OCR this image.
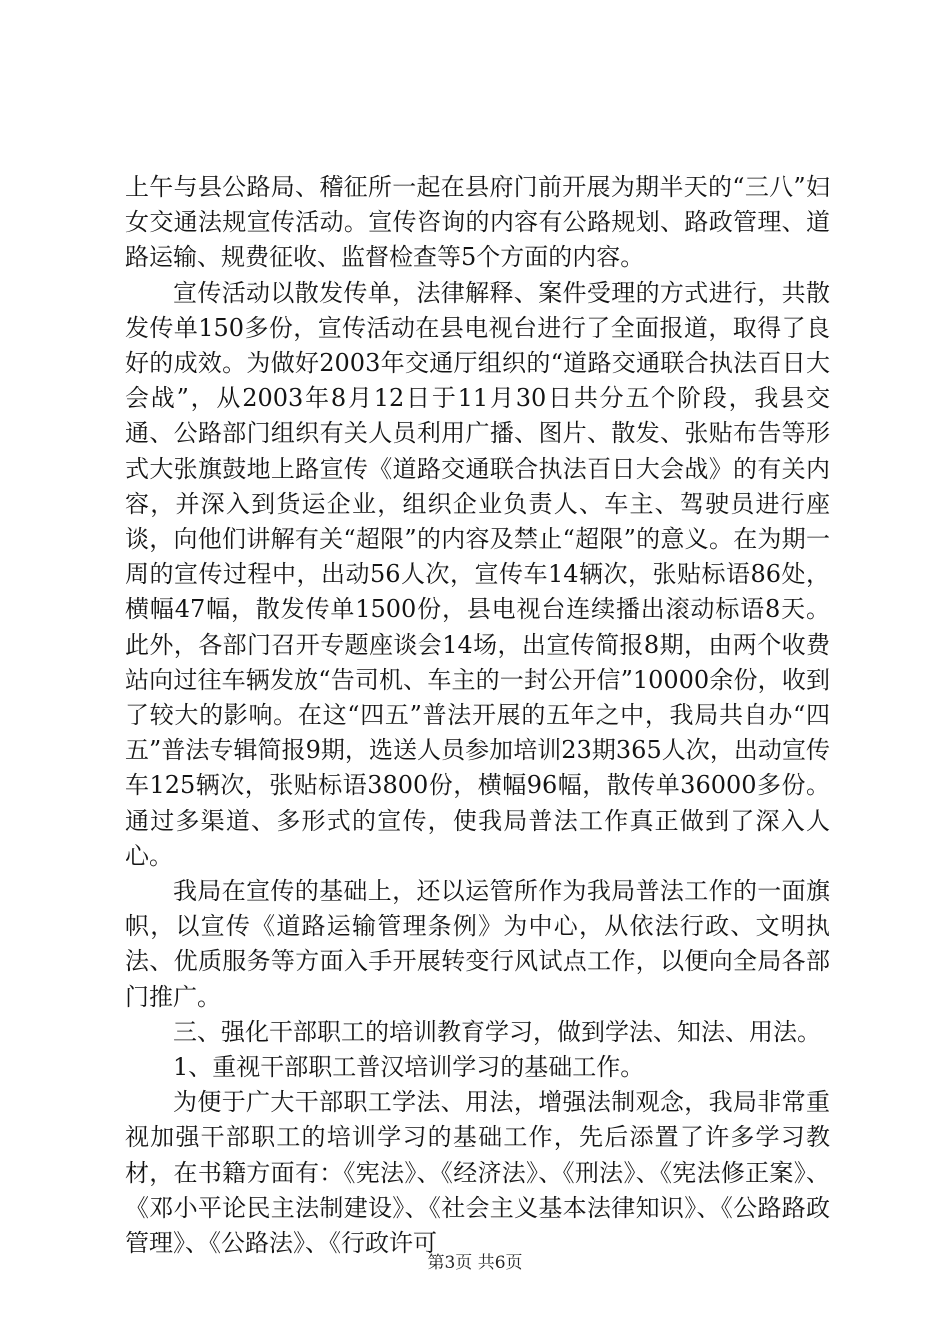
上午与县公路局、稽征所一起在县府门前开展为期半天的“三八”妇女交通法规宣传活动。宣传咨询的内容有公路规划、路政管理、道路运输、规费征收、监督检查等5个方面的内容。

宣传活动以散发传单，法律解释、案件受理的方式进行，共散发传单150多份，宣传活动在县电视台进行了全面报道，取得了良好的成效。为做好2003年交通厅组织的“道路交通联合执法百日大会战”，从2003年8月12日于11月30日共分五个阶段，我县交通、公路部门组织有关人员利用广播、图片、散发、张贴布告等形式大张旗鼓地上路宣传《道路交通联合执法百日大会战》的有关内容，并深入到货运企业，组织企业负责人、车主、驾驶员进行座谈，向他们讲解有关“超限”的内容及禁止“超限”的意义。在为期一周的宣传过程中，出动56人次，宣传车14辆次，张贴标语86处，横幅47幅，散发传单1500份，县电视台连续播出滚动标语8天。此外，各部门召开专题座谈会14场，出宣传简报8期，由两个收费站向过往车辆发放“告司机、车主的一封公开信”10000余份，收到了较大的影响。在这“四五”普法开展的五年之中，我局共自办“四五”普法专辑简报9期，选送人员参加培训23期365人次，出动宣传车125辆次，张贴标语3800份，横幅96幅，散传单36000多份。通过多渠道、多形式的宣传，使我局普法工作真正做到了深入人心。

我局在宣传的基础上，还以运管所作为我局普法工作的一面旗帜，以宣传《道路运输管理条例》为中心，从依法行政、文明执法、优质服务等方面入手开展转变行风试点工作，以便向全局各部门推广。

三、强化干部职工的培训教育学习，做到学法、知法、用法。

1、重视干部职工普汉培训学习的基础工作。

为便于广大干部职工学法、用法，增强法制观念，我局非常重视加强干部职工的培训学习的基础工作，先后添置了许多学习教材，在书籍方面有：《宪法》、《经济法》、《刑法》、《宪法修正案》、《邓小平论民主法制建设》、《社会主义基本法律知识》、《公路路政管理》、《公路法》、《行政许可

第3页 共6页
